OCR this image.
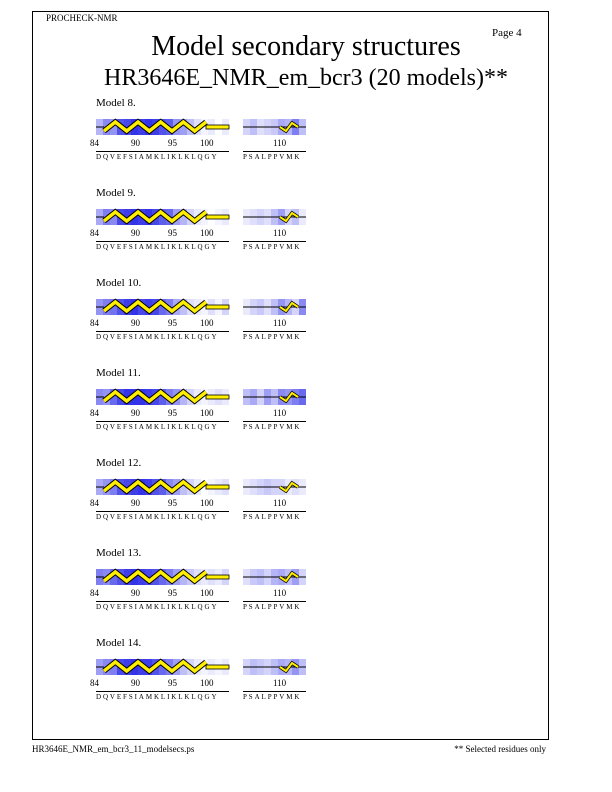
PROCHECK-NMR
Page 4
Model secondary structures
HR3646E_NMR_em_bcr3 (20 models)**
Model 8.
84	90	95	100	110
DQVEFSIAMKLIKLKLQGY	PSALPPVMK
Model 9.
84	90	95	100	110
DQVEFSIAMKLIKLKLQGY	PSALPPVMK
Model 10.
84	90	95	100	110
DQVEFSIAMKLIKLKLQGY	PSALPPVMK
Model 11.
84	90	95	100	110
DQVEFSIAMKLIKLKLQGY	PSALPPVMK
Model 12.
84	90	95	100	110
DQVEFSIAMKLIKLKLQGY	PSALPPVMK
Model 13.
84	90	95	100	110
DQVEFSIAMKLIKLKLQGY	PSALPPVMK
Model 14.
84	90	95	100	110
DQVEFSIAMKLIKLKLQGY	PSALPPVMK
HR3646E_NMR_em_bcr3_11_modelsecs.ps	** Selected residues only
